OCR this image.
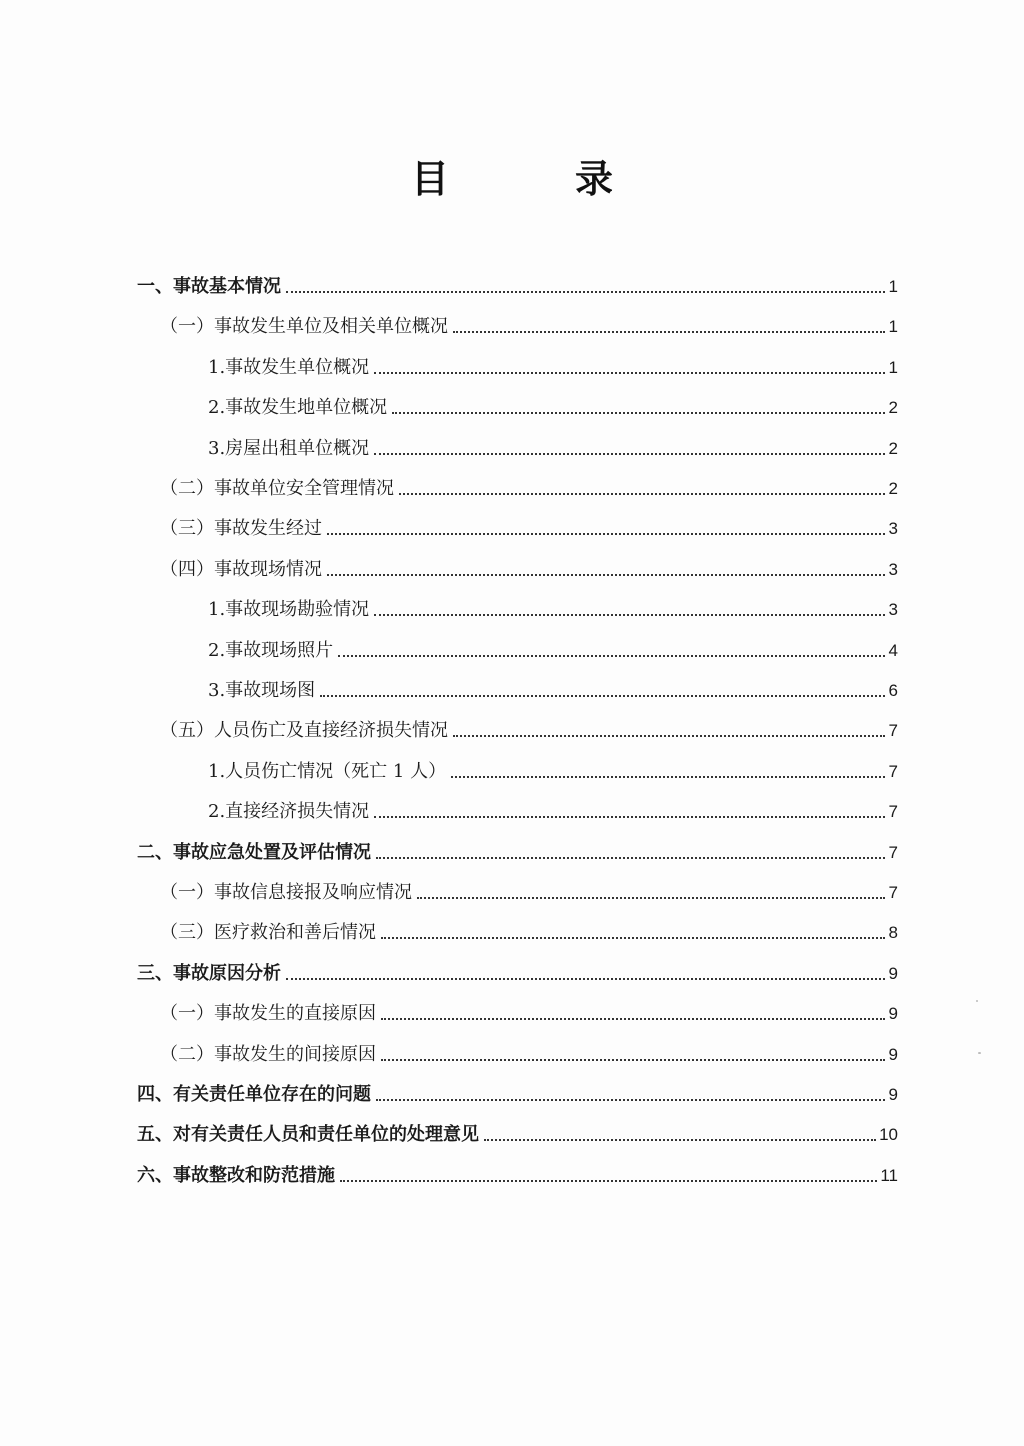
目　录
一、事故基本情况	1
（一）事故发生单位及相关单位概况	1
1.事故发生单位概况	1
2.事故发生地单位概况	2
3.房屋出租单位概况	2
（二）事故单位安全管理情况	2
（三）事故发生经过	3
（四）事故现场情况	3
1.事故现场勘验情况	3
2.事故现场照片	4
3.事故现场图	6
（五）人员伤亡及直接经济损失情况	7
1.人员伤亡情况（死亡 1 人）	7
2.直接经济损失情况	7
二、事故应急处置及评估情况	7
（一）事故信息接报及响应情况	7
（三）医疗救治和善后情况	8
三、事故原因分析	9
（一）事故发生的直接原因	9
（二）事故发生的间接原因	9
四、有关责任单位存在的问题	9
五、对有关责任人员和责任单位的处理意见	10
六、事故整改和防范措施	11
